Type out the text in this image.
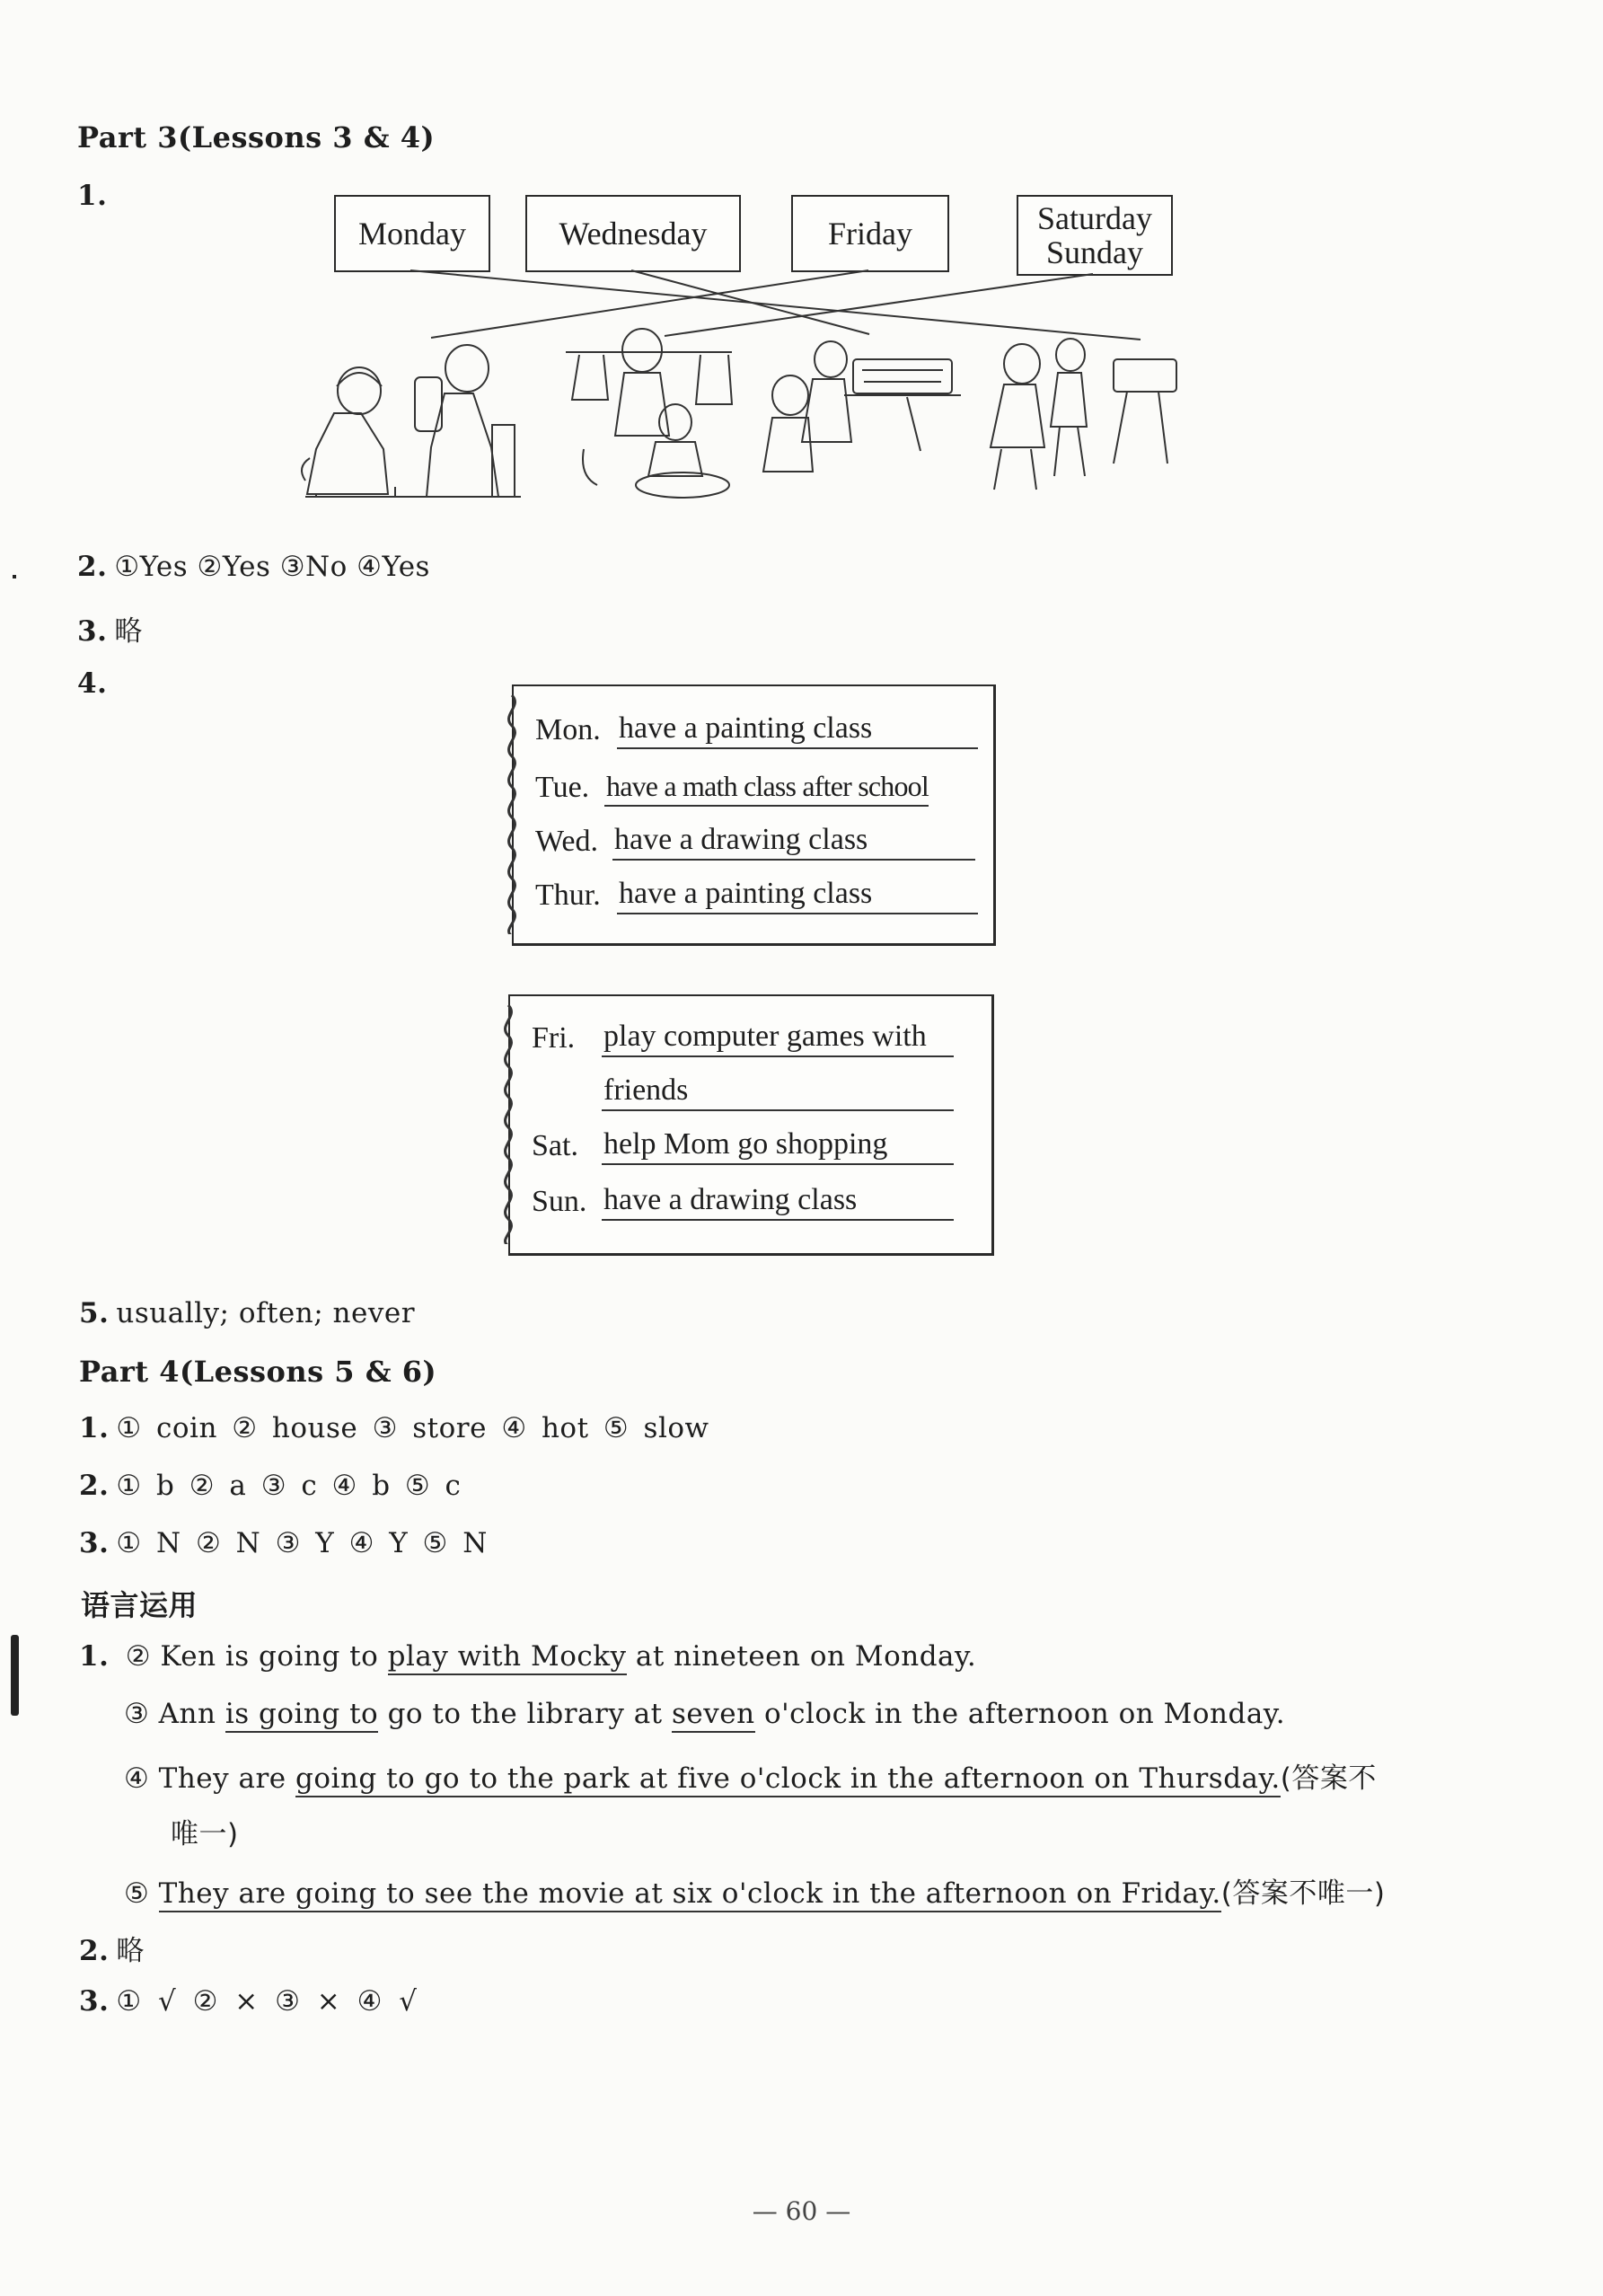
Part 3(Lessons 3 & 4)
1.
Monday	Wednesday	Friday	Saturday
Sunday
2. ①Yes ②Yes ③No ④Yes
3. 略
4.
Mon. have a painting class
Tue. have a math class after school
Wed. have a drawing class
Thur. have a painting class
Fri. play computer games with
friends
Sat. help Mom go shopping
Sun. have a drawing class
5. usually; often; never
Part 4(Lessons 5 & 6)
1. ① coin ② house ③ store ④ hot ⑤ slow
2. ① b ② a ③ c ④ b ⑤ c
3. ① N ② N ③ Y ④ Y ⑤ N
语言运用
1. ② Ken is going to play with Mocky at nineteen on Monday.
③ Ann is going to go to the library at seven o'clock in the afternoon on Monday.
④ They are going to go to the park at five o'clock in the afternoon on Thursday.(答案不
唯一)
⑤ They are going to see the movie at six o'clock in the afternoon on Friday.(答案不唯一)
2. 略
3. ① √ ② × ③ × ④ √
— 60 —
